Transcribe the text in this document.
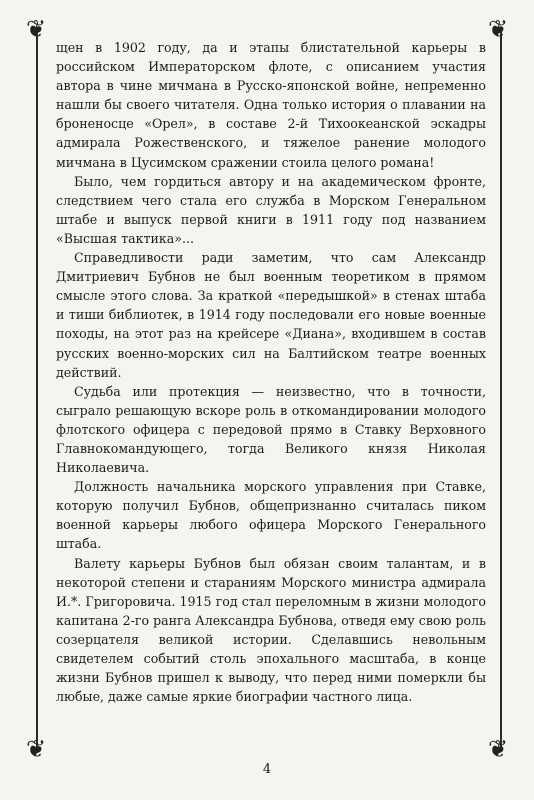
❦	❦
❦	❦

щен в 1902 году, да и этапы блистательной карьеры в российском Императорском флоте, с описанием участия автора в чине мичмана в Русско-японской войне, непременно нашли бы своего читателя. Одна только история о плавании на броненосце «Орел», в составе 2-й Тихоокеанской эскадры адмирала Рожественского, и тяжелое ранение молодого мичмана в Цусимском сражении стоила целого романа!

Было, чем гордиться автору и на академическом фронте, следствием чего стала его служба в Морском Генеральном штабе и выпуск первой книги в 1911 году под названием «Высшая тактика»...

Справедливости ради заметим, что сам Александр Дмитриевич Бубнов не был военным теоретиком в прямом смысле этого слова. За краткой «передышкой» в стенах штаба и тиши библиотек, в 1914 году последовали его новые военные походы, на этот раз на крейсере «Диана», входившем в состав русских военно-морских сил на Балтийском театре военных действий.

Судьба или протекция — неизвестно, что в точности, сыграло решающую вскоре роль в откомандировании молодого флотского офицера с передовой прямо в Ставку Верховного Главнокомандующего, тогда Великого князя Николая Николаевича.

Должность начальника морского управления при Ставке, которую получил Бубнов, общепризнанно считалась пиком военной карьеры любого офицера Морского Генерального штаба.

Валету карьеры Бубнов был обязан своим талантам, и в некоторой степени и стараниям Морского министра адмирала И.*. Григоровича. 1915 год стал переломным в жизни молодого капитана 2-го ранга Александра Бубнова, отведя ему свою роль созерцателя великой истории. Сделавшись невольным свидетелем событий столь эпохального масштаба, в конце жизни Бубнов пришел к выводу, что перед ними померкли бы любые, даже самые яркие биографии частного лица.

4
